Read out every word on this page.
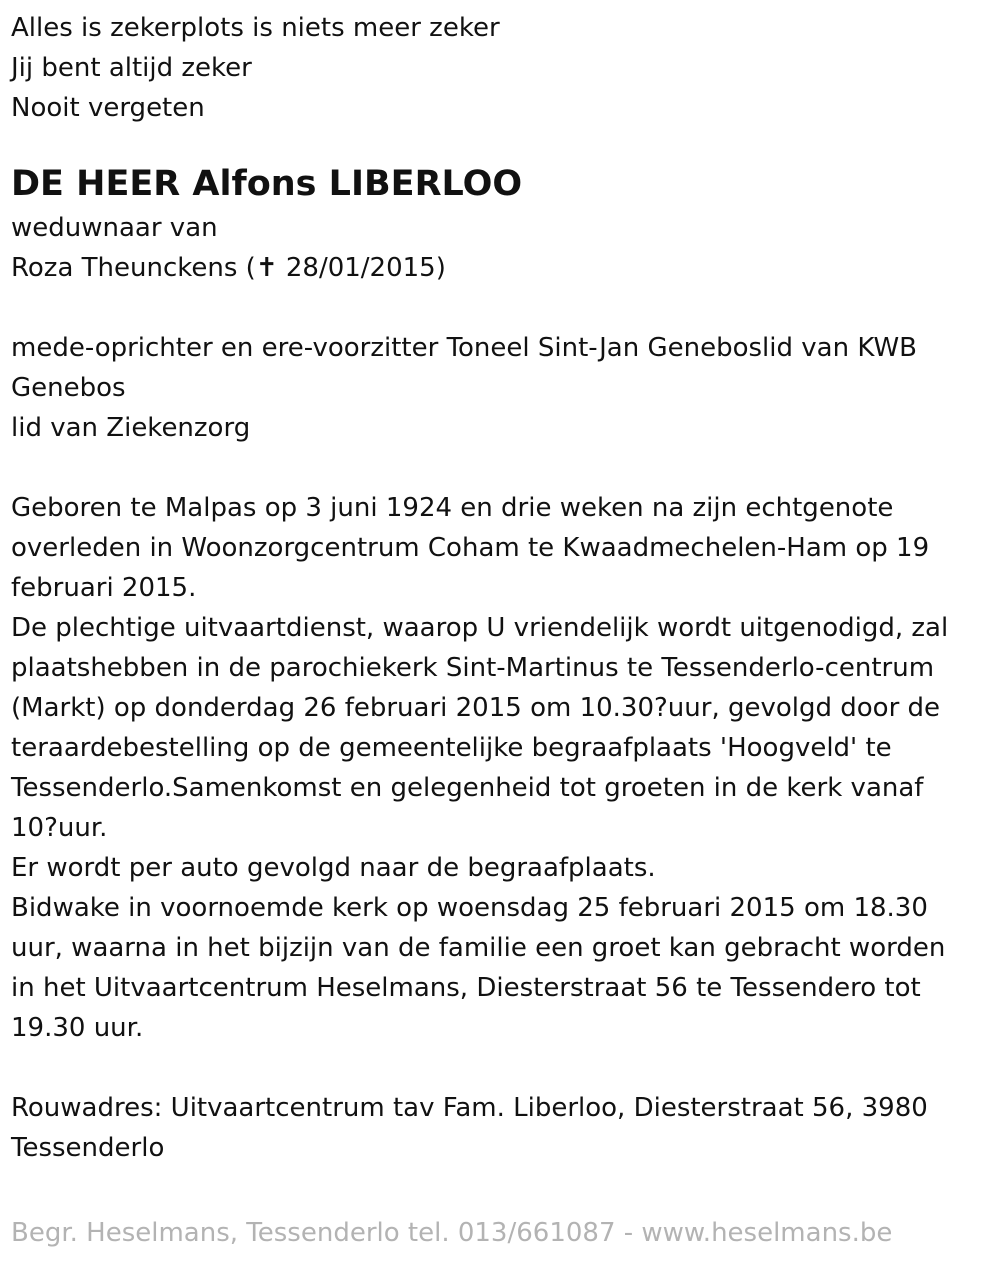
Alles is zekerplots is niets meer zeker

Jij bent altijd zeker

Nooit vergeten

DE HEER Alfons LIBERLOO

weduwnaar van

Roza Theunckens (✝ 28/01/2015)

mede-oprichter en ere-voorzitter Toneel Sint-Jan Geneboslid van KWB Genebos

lid van Ziekenzorg

Geboren te Malpas op 3 juni 1924 en drie weken na zijn echtgenote overleden in Woonzorgcentrum Coham te Kwaadmechelen-Ham op 19 februari 2015.

De plechtige uitvaartdienst, waarop U vriendelijk wordt uitgenodigd, zal plaatshebben in de parochiekerk Sint-Martinus te Tessenderlo-centrum (Markt) op donderdag 26 februari 2015 om 10.30?uur, gevolgd door de teraardebestelling op de gemeentelijke begraafplaats 'Hoogveld' te Tessenderlo.Samenkomst en gelegenheid tot groeten in de kerk vanaf 10?uur.

Er wordt per auto gevolgd naar de begraafplaats.

Bidwake in voornoemde kerk op woensdag 25 februari 2015 om 18.30 uur, waarna in het bijzijn van de familie een groet kan gebracht worden in het Uitvaartcentrum Heselmans, Diesterstraat 56 te Tessendero tot 19.30 uur.

Rouwadres: Uitvaartcentrum tav Fam. Liberloo, Diesterstraat 56, 3980 Tessenderlo

Begr. Heselmans, Tessenderlo tel. 013/661087 - www.heselmans.be
